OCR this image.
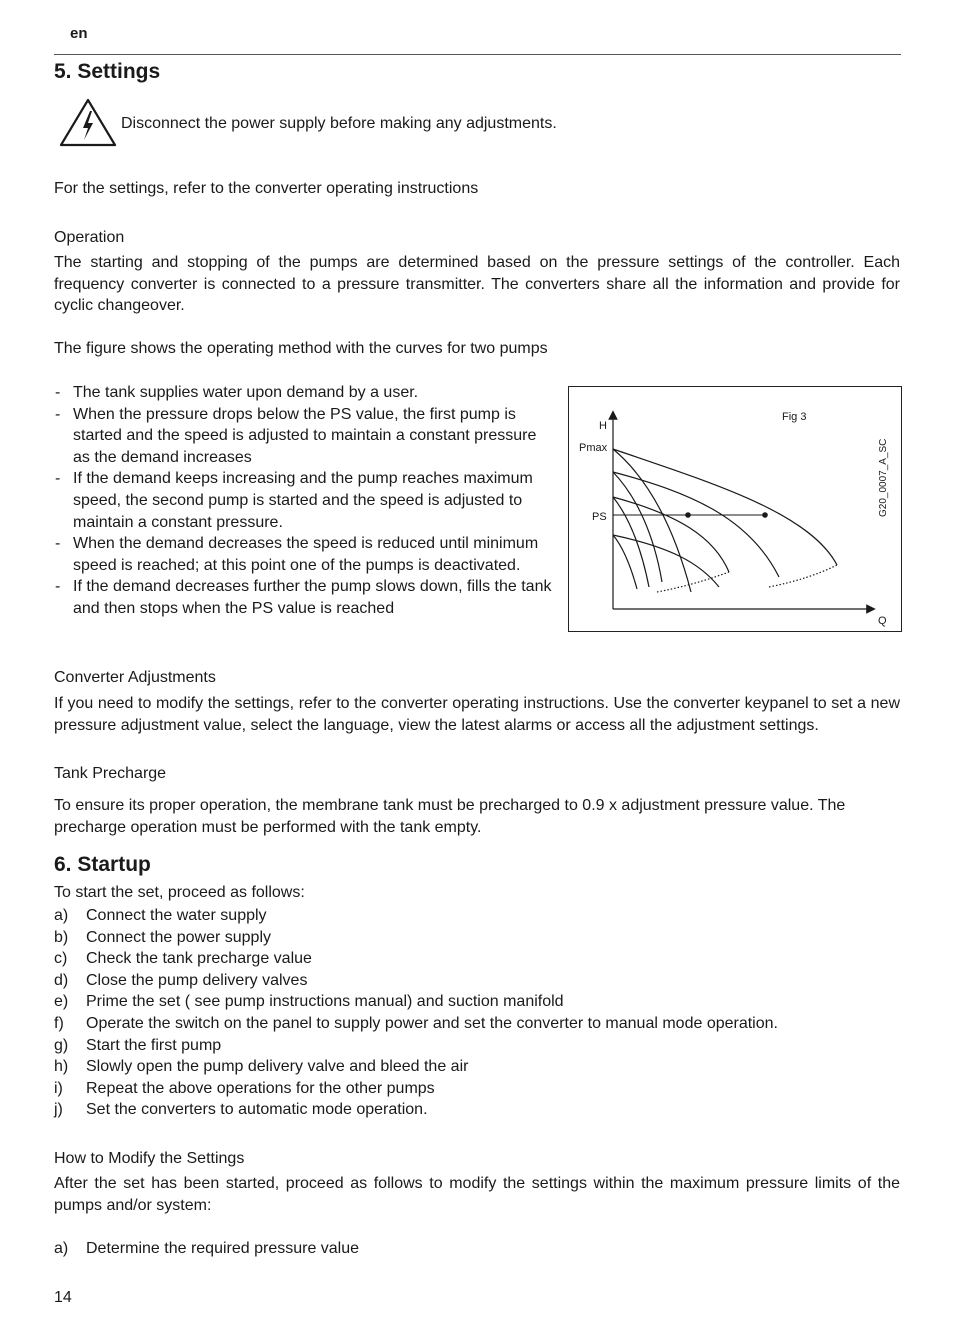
en
5. Settings
Disconnect the power supply before making any adjustments.
For the settings, refer to the converter operating instructions
Operation
The starting and stopping of the pumps are determined based on the pressure settings of the controller. Each frequency converter is connected to a pressure transmitter. The converters share all the information and provide for cyclic changeover.
The figure shows the operating method with the curves for two pumps
- The tank supplies water upon demand by a user.
- When the pressure drops below the PS value, the first pump is started and the speed is adjusted to maintain a constant pressure as the demand increases
- If the demand keeps increasing and the pump reaches maximum speed, the second pump is started and the speed is adjusted to maintain a constant pressure.
- When the demand decreases the speed is reduced until minimum speed is reached; at this point one of the pumps is deactivated.
- If the demand decreases further the pump slows down, fills the tank and then stops when the PS value is reached
H
Pmax
PS
Q
Fig 3
G20_0007_A_SC
Converter Adjustments
If you need to modify the settings, refer to the converter operating instructions. Use the converter keypanel to set a new pressure adjustment value, select the language, view the latest alarms or access all the adjustment settings.
Tank Precharge
To ensure its proper operation, the membrane tank must be precharged to 0.9 x adjustment pressure value. The precharge operation must be performed with the tank empty.
6. Startup
To start the set, proceed as follows:
a) Connect the water supply
b) Connect the power supply
c) Check the tank precharge value
d) Close the pump delivery valves
e) Prime the set ( see pump instructions manual) and suction manifold
f) Operate the switch on the panel to supply power and set the converter to manual mode operation.
g) Start the first pump
h) Slowly open the pump delivery valve and bleed the air
i) Repeat the above operations for the other pumps
j) Set the converters to automatic mode operation.
How to Modify the Settings
After the set has been started, proceed as follows to modify the settings within the maximum pressure limits of the pumps and/or system:
a) Determine the required pressure value
14
